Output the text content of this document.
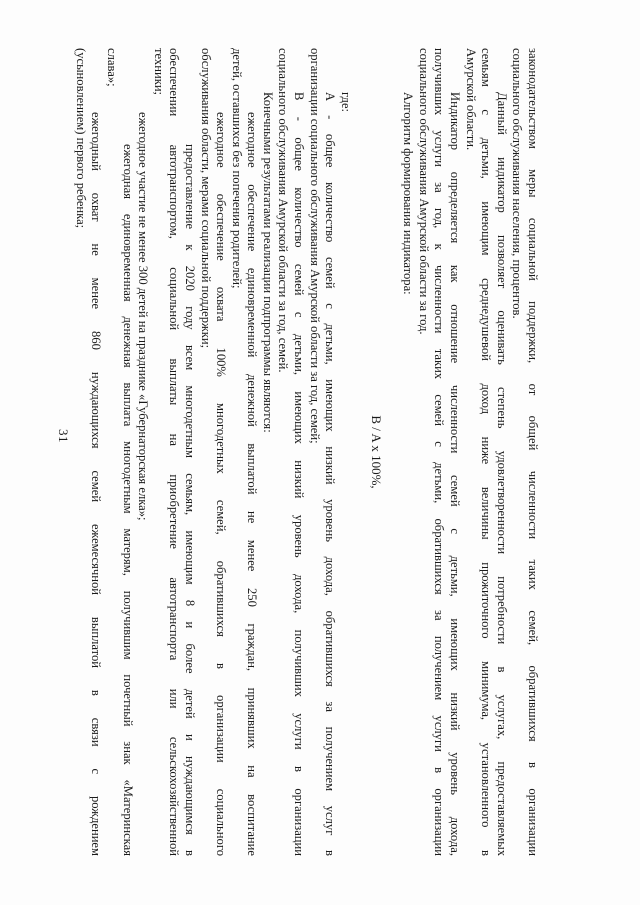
31	законодательством меры социальной поддержки, от общей численности таких семей, обратившихся в организации
социального обслуживания населения, процентов.
Данный индикатор позволяет оценивать степень удовлетворенности потребности в услугах, предоставляемых
семьям с детьми, имеющим среднедушевой доход ниже величины прожиточного минимума, установленного в
Амурской области.
Индикатор определяется как отношение численности семей с детьми, имеющих низкий уровень дохода,
получивших услуги за год, к численности таких семей с детьми, обратившихся за получением услуги в организации
социального обслуживания Амурской области за год.
Алгоритм формирования индикатора:
B / A x 100%,
где:
A - общее количество семей с детьми, имеющих низкий уровень дохода, обратившихся за получением услуг в
организации социального обслуживания Амурской области за год, семей;
B - общее количество семей с детьми, имеющих низкий уровень дохода, получивших услуги в организации
социального обслуживания Амурской области за год, семей.
Конечными результатами реализации подпрограммы являются:
ежегодное обеспечение единовременной денежной выплатой не менее 250 граждан, принявших на воспитание
детей, оставшихся без попечения родителей;
ежегодное обеспечение охвата 100% многодетных семей, обратившихся в организации социального
обслуживания области, мерами социальной поддержки;
предоставление к 2020 году всем многодетным семьям, имеющим 8 и более детей и нуждающимся в
обеспечении автотранспортом, социальной выплаты на приобретение автотранспорта или сельскохозяйственной
техники;
ежегодное участие не менее 300 детей на празднике «Губернаторская елка»;
ежегодная единовременная денежная выплата многодетным матерям, получившим почетный знак «Материнская
слава»;
ежегодный охват не менее 860 нуждающихся семей ежемесячной выплатой в связи с рождением
(усыновлением) первого ребенка;
